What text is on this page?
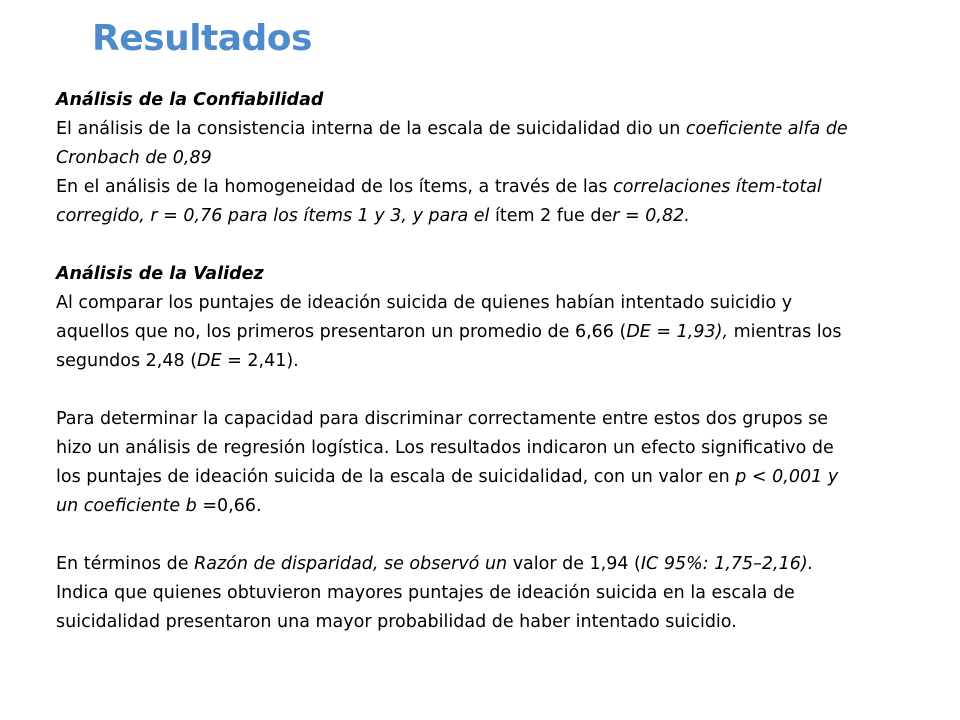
Resultados

Análisis de la Confiabilidad

El análisis de la consistencia interna de la escala de suicidalidad dio un coeficiente alfa de Cronbach de 0,89

En el análisis de la homogeneidad de los ítems, a través de las correlaciones ítem-total corregido, r = 0,76 para los ítems 1 y 3, y para el ítem 2 fue der = 0,82.

Análisis de la Validez

Al comparar los puntajes de ideación suicida de quienes habían intentado suicidio y aquellos que no, los primeros presentaron un promedio de 6,66 (DE = 1,93), mientras los segundos 2,48 (DE = 2,41).

Para determinar la capacidad para discriminar correctamente entre estos dos grupos se hizo un análisis de regresión logística. Los resultados indicaron un efecto significativo de los puntajes de ideación suicida de la escala de suicidalidad, con un valor en p < 0,001 y un coeficiente b =0,66.

En términos de Razón de disparidad, se observó un valor de 1,94 (IC 95%: 1,75–2,16). Indica que quienes obtuvieron mayores puntajes de ideación suicida en la escala de suicidalidad presentaron una mayor probabilidad de haber intentado suicidio.
